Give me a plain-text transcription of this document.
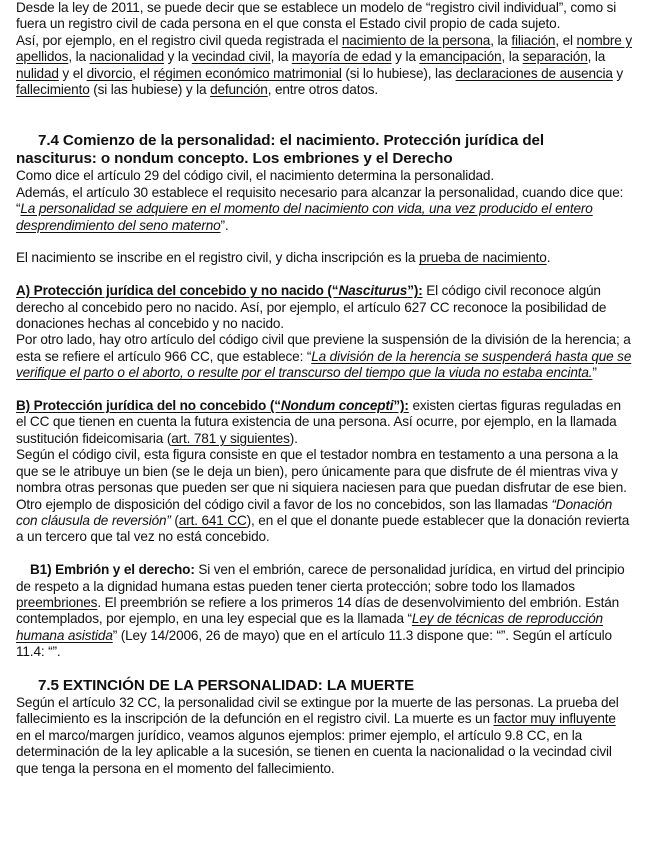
Desde la ley de 2011, se puede decir que se establece un modelo de “registro civil individual”, como si fuera un registro civil de cada persona en el que consta el Estado civil propio de cada sujeto.

Así, por ejemplo, en el registro civil queda registrada el nacimiento de la persona, la filiación, el nombre y apellidos, la nacionalidad y la vecindad civil, la mayoría de edad y la emancipación, la separación, la nulidad y el divorcio, el régimen económico matrimonial (si lo hubiese), las declaraciones de ausencia y fallecimiento (si las hubiese) y la defunción, entre otros datos.

7.4 Comienzo de la personalidad: el nacimiento. Protección jurídica del
nasciturus: o nondum concepto. Los embriones y el Derecho

Como dice el artículo 29 del código civil, el nacimiento determina la personalidad.

Además, el artículo 30 establece el requisito necesario para alcanzar la personalidad, cuando dice que: “La personalidad se adquiere en el momento del nacimiento con vida, una vez producido el entero desprendimiento del seno materno”.

El nacimiento se inscribe en el registro civil, y dicha inscripción es la prueba de nacimiento.

A) Protección jurídica del concebido y no nacido (“Nasciturus”): El código civil reconoce algún derecho al concebido pero no nacido. Así, por ejemplo, el artículo 627 CC reconoce la posibilidad de donaciones hechas al concebido y no nacido.

Por otro lado, hay otro artículo del código civil que previene la suspensión de la división de la herencia; a esta se refiere el artículo 966 CC, que establece: “La división de la herencia se suspenderá hasta que se verifique el parto o el aborto, o resulte por el transcurso del tiempo que la viuda no estaba encinta.”

B) Protección jurídica del no concebido (“Nondum concepti”): existen ciertas figuras reguladas en el CC que tienen en cuenta la futura existencia de una persona. Así ocurre, por ejemplo, en la llamada sustitución fideicomisaria (art. 781 y siguientes).

Según el código civil, esta figura consiste en que el testador nombra en testamento a una persona a la que se le atribuye un bien (se le deja un bien), pero únicamente para que disfrute de él mientras viva y nombra otras personas que pueden ser que ni siquiera naciesen para que puedan disfrutar de ese bien.

Otro ejemplo de disposición del código civil a favor de los no concebidos, son las llamadas “Donación con cláusula de reversión” (art. 641 CC), en el que el donante puede establecer que la donación revierta a un tercero que tal vez no está concebido.

B1) Embrión y el derecho: Si ven el embrión, carece de personalidad jurídica, en virtud del principio de respeto a la dignidad humana estas pueden tener cierta protección; sobre todo los llamados preembriones. El preembrión se refiere a los primeros 14 días de desenvolvimiento del embrión. Están contemplados, por ejemplo, en una ley especial que es la llamada “Ley de técnicas de reproducción humana asistida” (Ley 14/2006, 26 de mayo) que en el artículo 11.3 dispone que: “”. Según el artículo 11.4: “”.

7.5 EXTINCIÓN DE LA PERSONALIDAD: LA MUERTE

Según el artículo 32 CC, la personalidad civil se extingue por la muerte de las personas. La prueba del fallecimiento es la inscripción de la defunción en el registro civil. La muerte es un factor muy influyente en el marco/margen jurídico, veamos algunos ejemplos: primer ejemplo, el artículo 9.8 CC, en la determinación de la ley aplicable a la sucesión, se tienen en cuenta la nacionalidad o la vecindad civil que tenga la persona en el momento del fallecimiento.
